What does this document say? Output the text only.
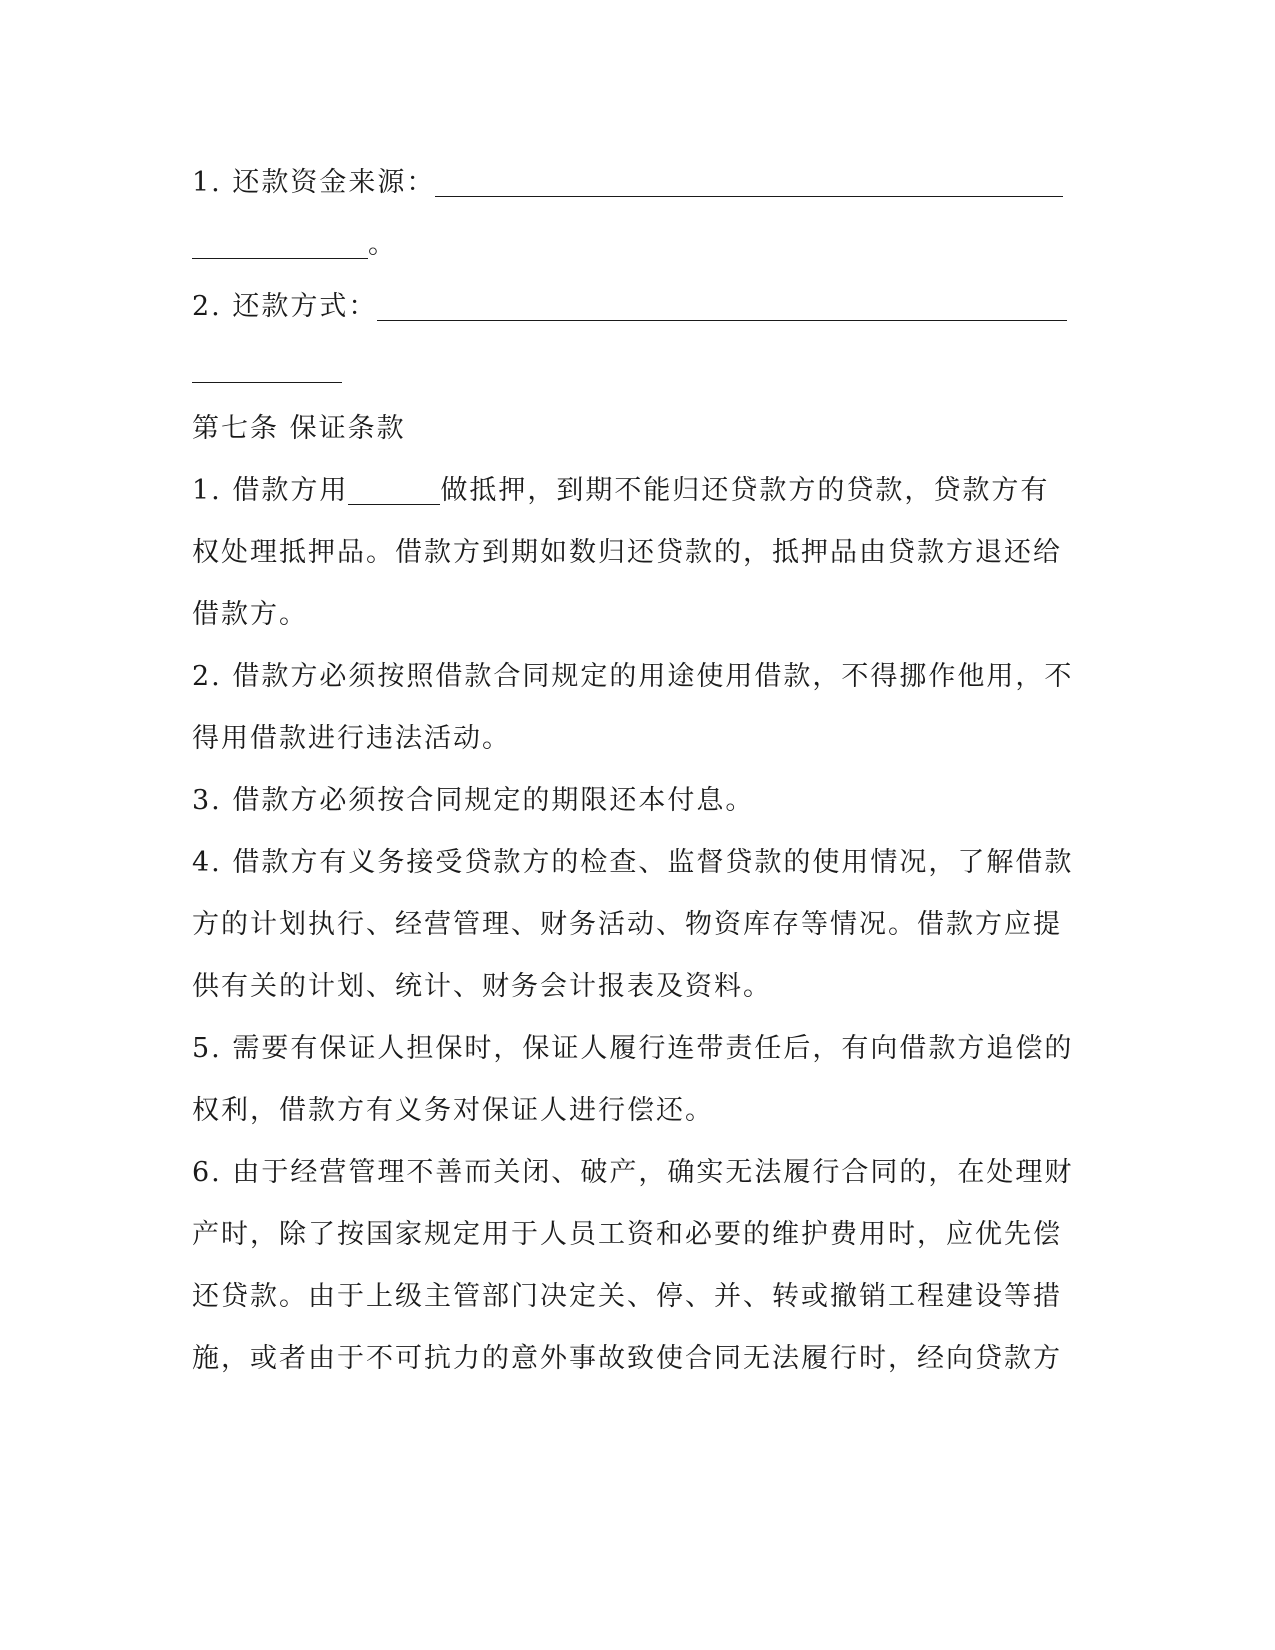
1. 还款资金来源：
。
2. 还款方式：
第七条 保证条款
1. 借款方用	做抵押，到期不能归还贷款方的贷款，贷款方有
权处理抵押品。借款方到期如数归还贷款的，抵押品由贷款方退还给
借款方。
2. 借款方必须按照借款合同规定的用途使用借款，不得挪作他用，不
得用借款进行违法活动。
3. 借款方必须按合同规定的期限还本付息。
4. 借款方有义务接受贷款方的检查、监督贷款的使用情况，了解借款
方的计划执行、经营管理、财务活动、物资库存等情况。借款方应提
供有关的计划、统计、财务会计报表及资料。
5. 需要有保证人担保时，保证人履行连带责任后，有向借款方追偿的
权利，借款方有义务对保证人进行偿还。
6. 由于经营管理不善而关闭、破产，确实无法履行合同的，在处理财
产时，除了按国家规定用于人员工资和必要的维护费用时，应优先偿
还贷款。由于上级主管部门决定关、停、并、转或撤销工程建设等措
施，或者由于不可抗力的意外事故致使合同无法履行时，经向贷款方
